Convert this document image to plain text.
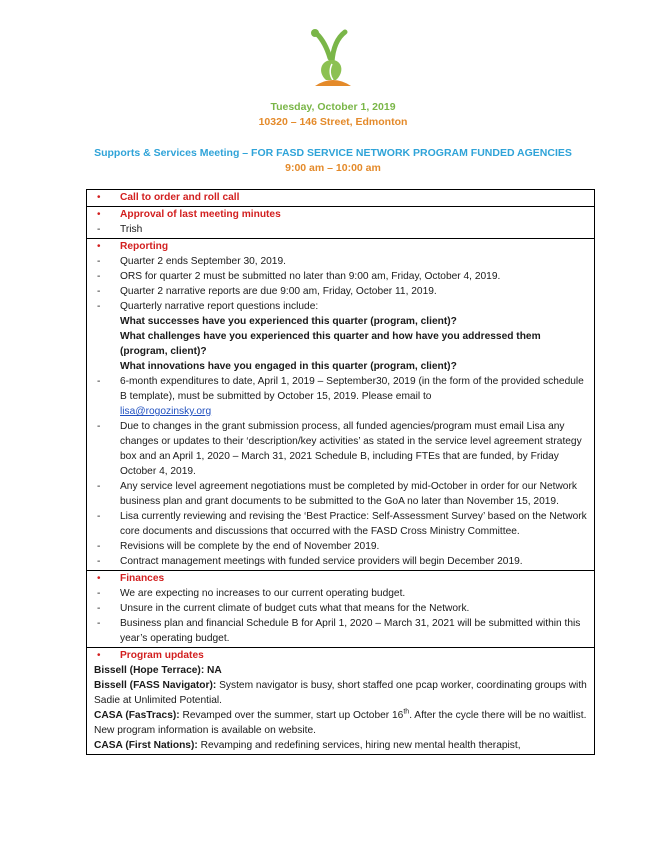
Tuesday, October 1, 2019
10320 – 146 Street, Edmonton
Supports & Services Meeting – FOR FASD SERVICE NETWORK PROGRAM FUNDED AGENCIES
9:00 am – 10:00 am
• Call to order and roll call

• Approval of last meeting minutes
- Trish

• Reporting
- Quarter 2 ends September 30, 2019.
- ORS for quarter 2 must be submitted no later than 9:00 am, Friday, October 4, 2019.
- Quarter 2 narrative reports are due 9:00 am, Friday, October 11, 2019.
- Quarterly narrative report questions include:
What successes have you experienced this quarter (program, client)?
What challenges have you experienced this quarter and how have you addressed them (program, client)?
What innovations have you engaged in this quarter (program, client)?
- 6-month expenditures to date, April 1, 2019 – September30, 2019 (in the form of the provided schedule B template), must be submitted by October 15, 2019. Please email to
lisa@rogozinsky.org
- Due to changes in the grant submission process, all funded agencies/program must email Lisa any changes or updates to their ‘description/key activities’ as stated in the service level agreement strategy box and an April 1, 2020 – March 31, 2021 Schedule B, including FTEs that are funded, by Friday October 4, 2019.
- Any service level agreement negotiations must be completed by mid-October in order for our Network business plan and grant documents to be submitted to the GoA no later than November 15, 2019.
- Lisa currently reviewing and revising the ‘Best Practice: Self-Assessment Survey’ based on the Network core documents and discussions that occurred with the FASD Cross Ministry Committee.
- Revisions will be complete by the end of November 2019.
- Contract management meetings with funded service providers will begin December 2019.

• Finances
- We are expecting no increases to our current operating budget.
- Unsure in the current climate of budget cuts what that means for the Network.
- Business plan and financial Schedule B for April 1, 2020 – March 31, 2021 will be submitted within this year’s operating budget.

• Program updates
Bissell (Hope Terrace): NA
Bissell (FASS Navigator): System navigator is busy, short staffed one pcap worker, coordinating groups with Sadie at Unlimited Potential.
CASA (FasTracs): Revamped over the summer, start up October 16th. After the cycle there will be no waitlist. New program information is available on website.
CASA (First Nations): Revamping and redefining services, hiring new mental health therapist,
